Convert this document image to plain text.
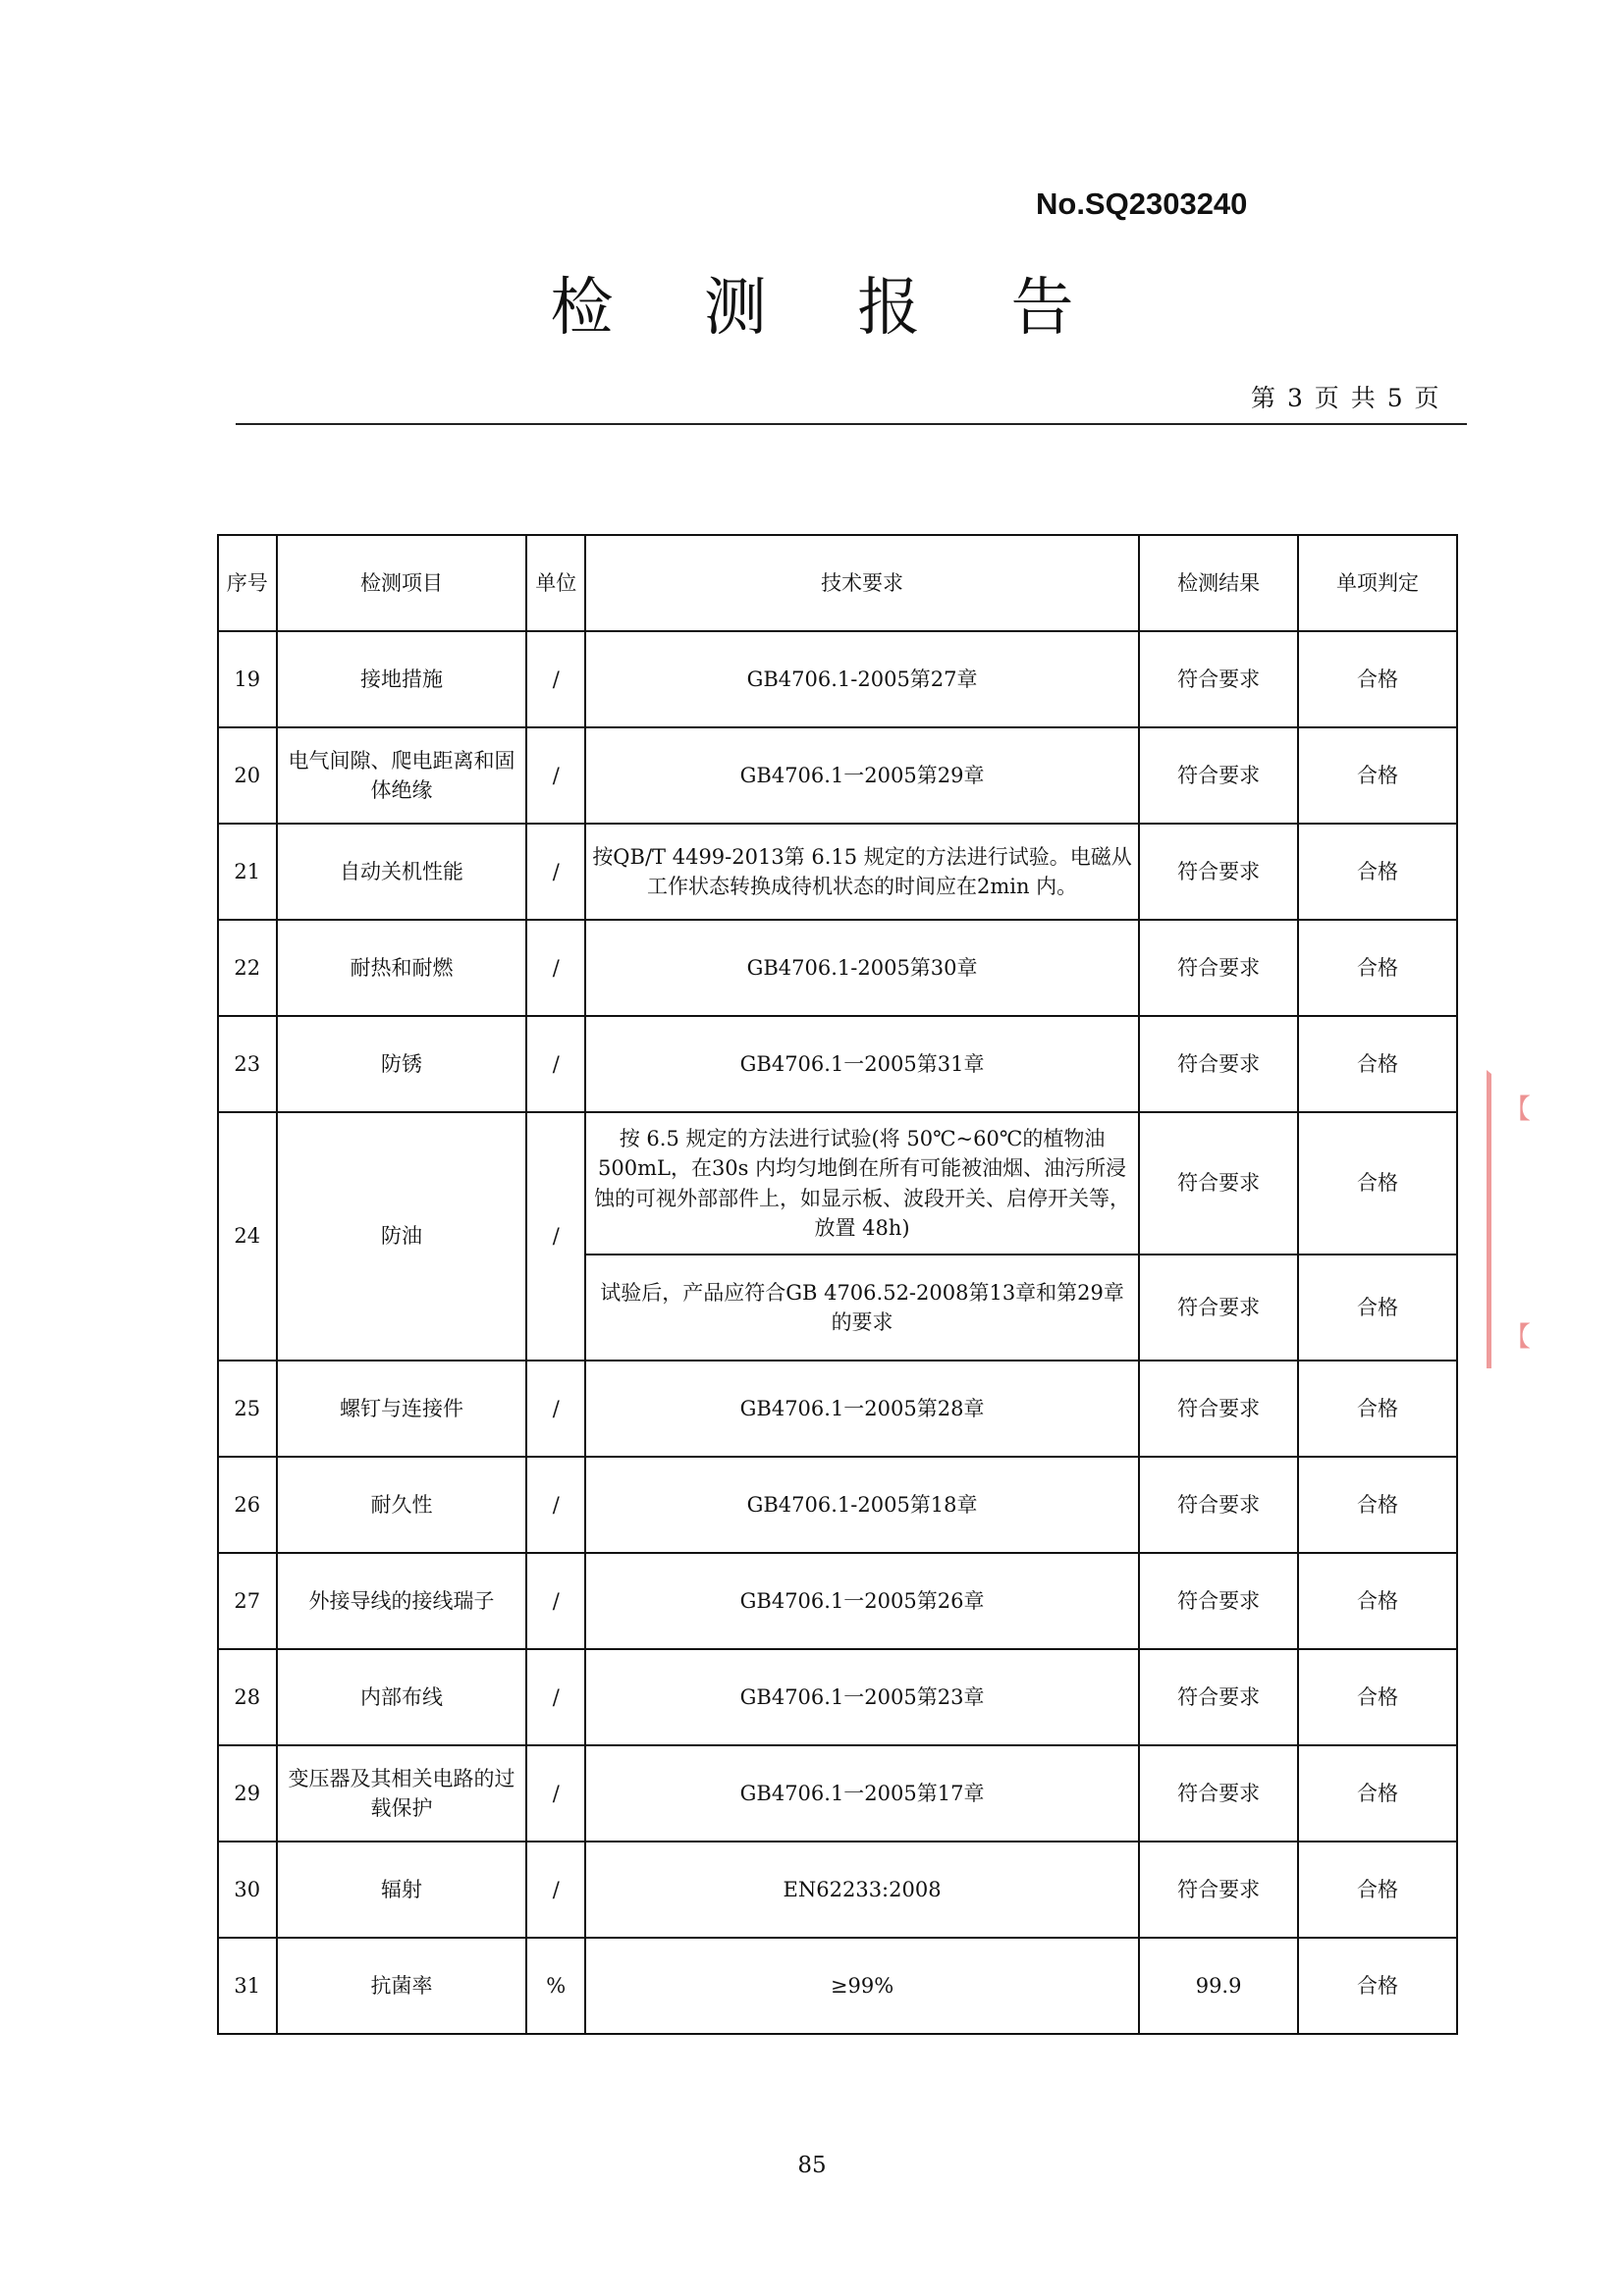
No.SQ2303240
检 测 报 告
第 3 页 共 5 页
序号	检测项目	单位	技术要求	检测结果	单项判定
19	接地措施	/	GB4706.1-2005第27章	符合要求	合格
20	电气间隙、爬电距离和固体绝缘	/	GB4706.1一2005第29章	符合要求	合格
21	自动关机性能	/	按QB/T 4499-2013第 6.15 规定的方法进行试验。电磁从工作状态转换成待机状态的时间应在2min 内。	符合要求	合格
22	耐热和耐燃	/	GB4706.1-2005第30章	符合要求	合格
23	防锈	/	GB4706.1一2005第31章	符合要求	合格
24	防油	/	按 6.5 规定的方法进行试验(将 50℃~60℃的植物油 500mL，在30s 内均匀地倒在所有可能被油烟、油污所浸蚀的可视外部部件上，如显示板、波段开关、启停开关等，放置 48h)	符合要求	合格
			试验后，产品应符合GB 4706.52-2008第13章和第29章的要求	符合要求	合格
25	螺钉与连接件	/	GB4706.1一2005第28章	符合要求	合格
26	耐久性	/	GB4706.1-2005第18章	符合要求	合格
27	外接导线的接线瑞子	/	GB4706.1一2005第26章	符合要求	合格
28	内部布线	/	GB4706.1一2005第23章	符合要求	合格
29	变压器及其相关电路的过载保护	/	GB4706.1一2005第17章	符合要求	合格
30	辐射	/	EN62233:2008	符合要求	合格
31	抗菌率	%	≥99%	99.9	合格
【
【
85
